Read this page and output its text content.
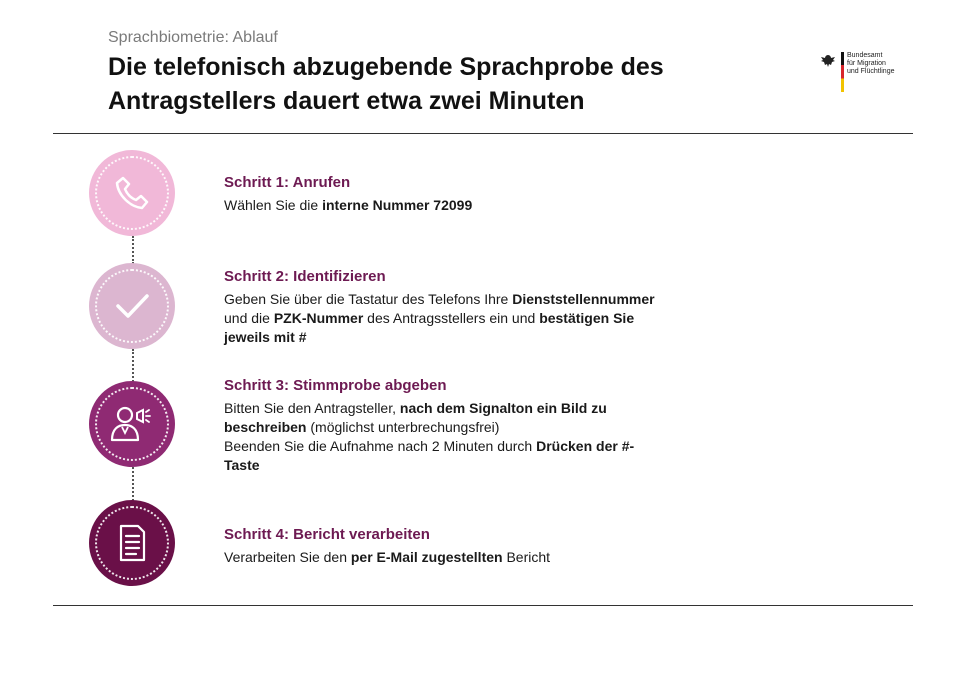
Sprachbiometrie: Ablauf
Die telefonisch abzugebende Sprachprobe des Antragstellers dauert etwa zwei Minuten
Bundesamt
für Migration
und Flüchtlinge
Schritt 1: Anrufen

Wählen Sie die interne Nummer 72099

Schritt 2: Identifizieren

Geben Sie über die Tastatur des Telefons Ihre Dienststellennummer und die PZK-Nummer des Antragsstellers ein und bestätigen Sie jeweils mit #

Schritt 3: Stimmprobe abgeben

Bitten Sie den Antragsteller, nach dem Signalton ein Bild zu beschreiben (möglichst unterbrechungsfrei)

Beenden Sie die Aufnahme nach 2 Minuten durch Drücken der #-Taste

Schritt 4: Bericht verarbeiten

Verarbeiten Sie den per E-Mail zugestellten Bericht
